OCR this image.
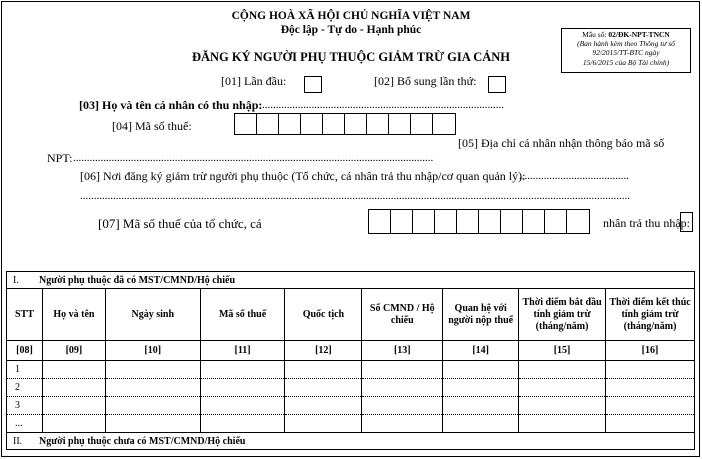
CỘNG HOÀ XÃ HỘI CHỦ NGHĨA VIỆT NAM
Độc lập - Tự do - Hạnh phúc
ĐĂNG KÝ NGƯỜI PHỤ THUỘC GIẢM TRỪ GIA CẢNH
Mẫu số: 02/ĐK-NPT-TNCN
(Ban hành kèm theo Thông tư số
92/2015/TT-BTC ngày
15/6/2015 của Bộ Tài chính)
[01] Lần đầu:	[02] Bổ sung lần thứ:
[03] Họ và tên cá nhân có thu nhập: ........................................................................................
[04] Mã số thuế:
[05] Địa chỉ cá nhân nhận thông báo mã số
NPT: ...................................................................................................................................
[06] Nơi đăng ký giảm trừ người phụ thuộc (Tổ chức, cá nhân trả thu nhập/cơ quan quản lý):
........................................
........................................................................................................................................................................................................
[07] Mã số thuế của tổ chức, cá	nhân trả thu nhập:
I. Người phụ thuộc đã có MST/CMND/Hộ chiếu								
STT	Họ và tên	Ngày sinh	Mã số thuế	Quốc tịch	Số CMND / Hộ chiếu	Quan hệ với người nộp thuế	Thời điểm bắt đầu tính giảm trừ (tháng/năm)	Thời điểm kết thúc tính giảm trừ (tháng/năm)
[08]	[09]	[10]	[11]	[12]	[13]	[14]	[15]	[16]
1								
2								
3								
...								
II. Người phụ thuộc chưa có MST/CMND/Hộ chiếu								
